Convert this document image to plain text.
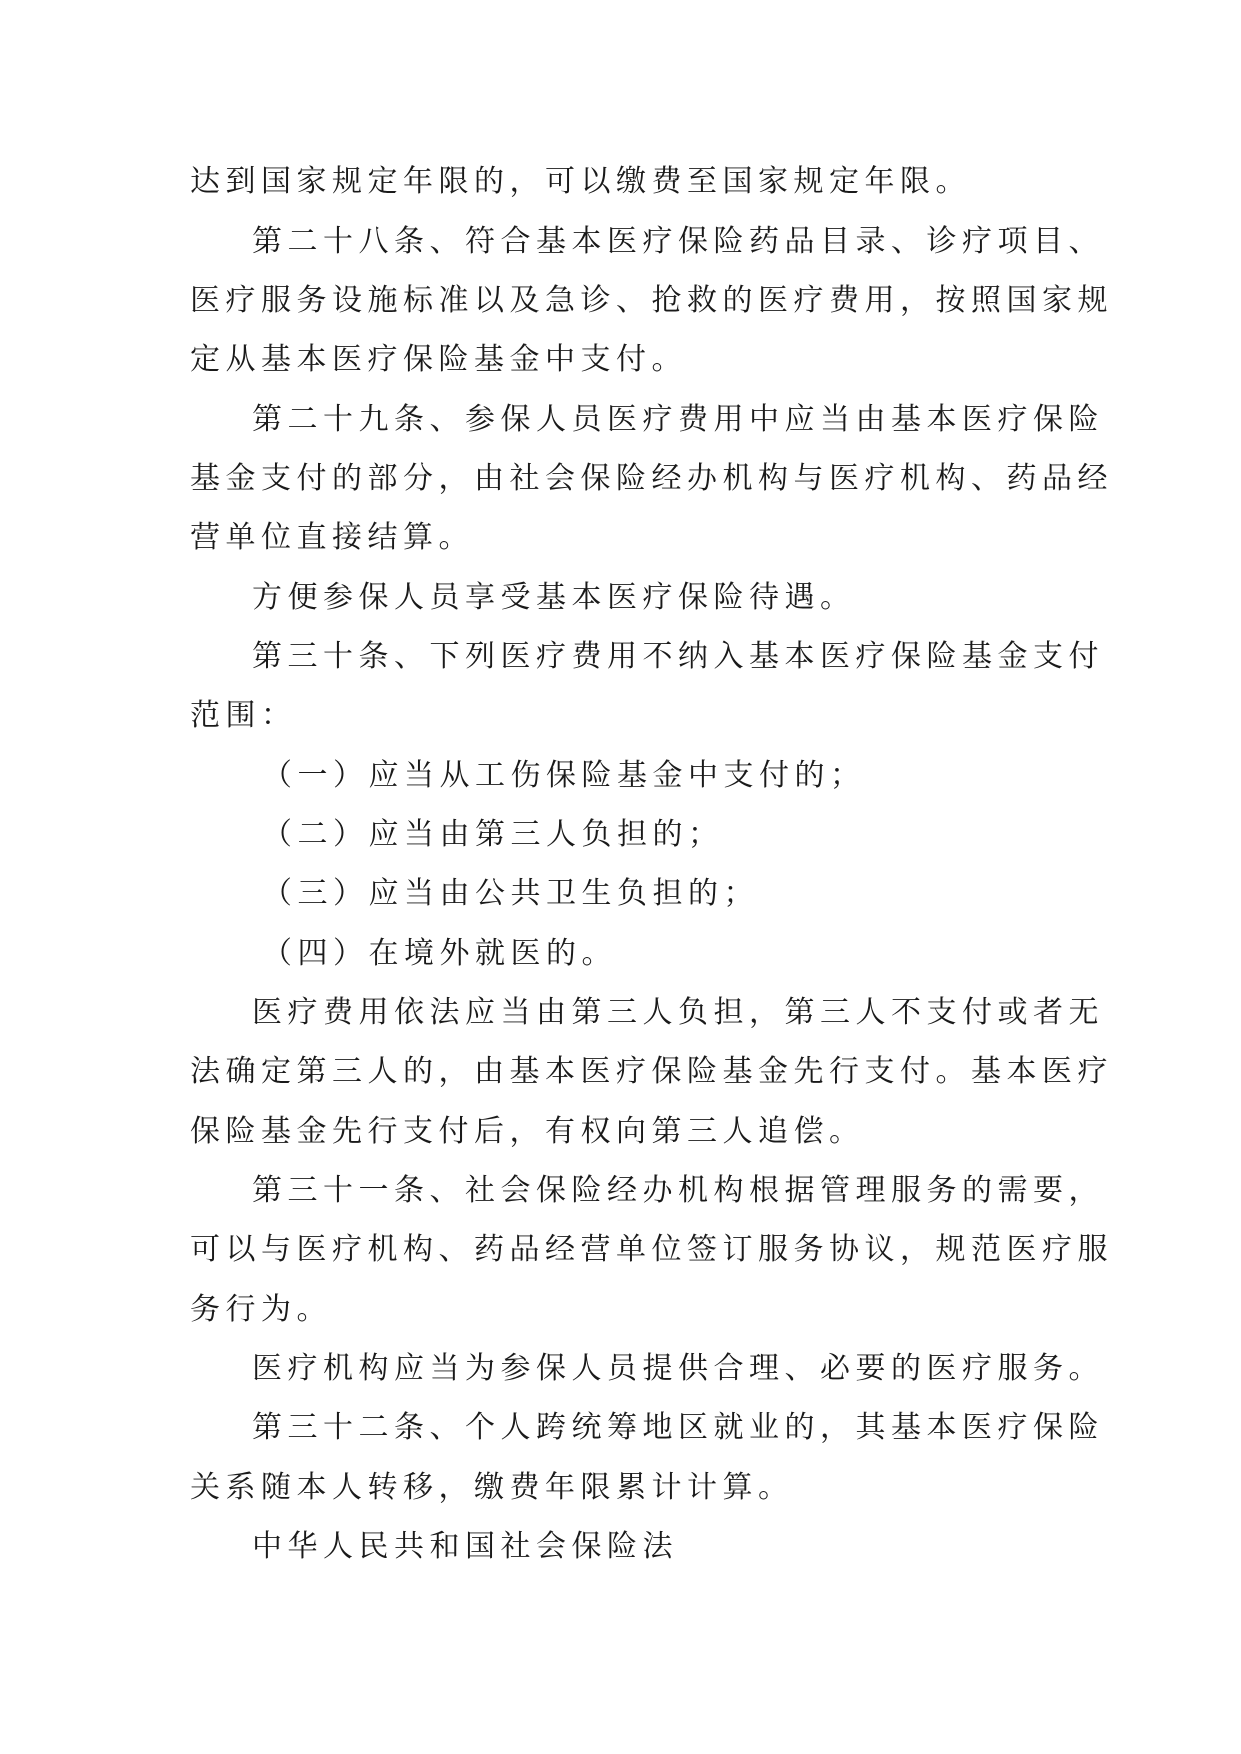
达到国家规定年限的，可以缴费至国家规定年限。
第二十八条、符合基本医疗保险药品目录、诊疗项目、
医疗服务设施标准以及急诊、抢救的医疗费用，按照国家规
定从基本医疗保险基金中支付。
第二十九条、参保人员医疗费用中应当由基本医疗保险
基金支付的部分，由社会保险经办机构与医疗机构、药品经
营单位直接结算。
方便参保人员享受基本医疗保险待遇。
第三十条、下列医疗费用不纳入基本医疗保险基金支付
范围：
（一）应当从工伤保险基金中支付的；
（二）应当由第三人负担的；
（三）应当由公共卫生负担的；
（四）在境外就医的。
医疗费用依法应当由第三人负担，第三人不支付或者无
法确定第三人的，由基本医疗保险基金先行支付。基本医疗
保险基金先行支付后，有权向第三人追偿。
第三十一条、社会保险经办机构根据管理服务的需要，
可以与医疗机构、药品经营单位签订服务协议，规范医疗服
务行为。
医疗机构应当为参保人员提供合理、必要的医疗服务。
第三十二条、个人跨统筹地区就业的，其基本医疗保险
关系随本人转移，缴费年限累计计算。
中华人民共和国社会保险法
